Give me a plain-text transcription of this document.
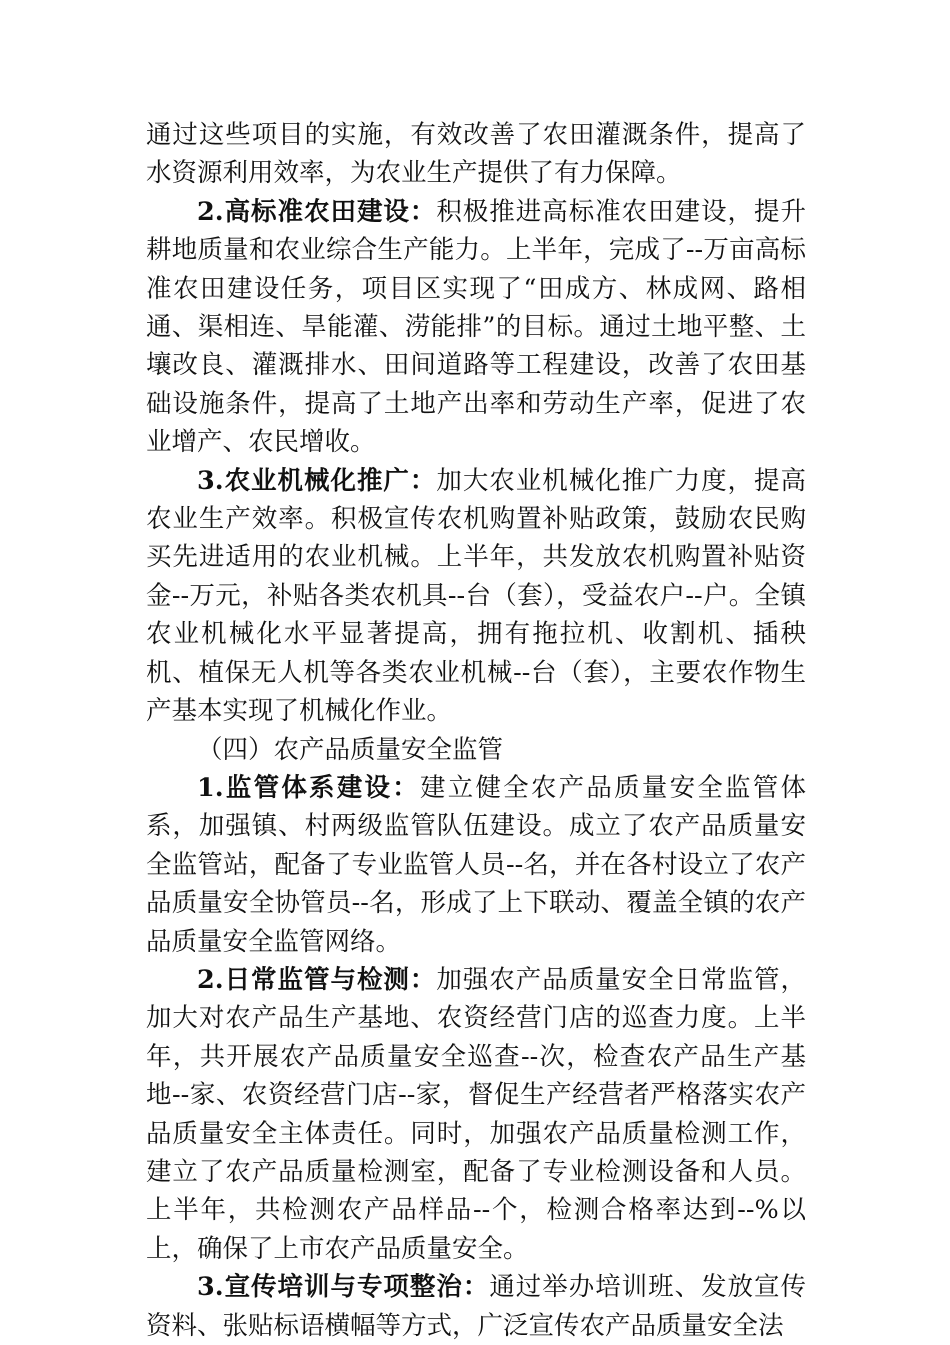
通过这些项目的实施，有效改善了农田灌溉条件，提高了水资源利用效率，为农业生产提供了有力保障。

2.高标准农田建设：积极推进高标准农田建设，提升耕地质量和农业综合生产能力。上半年，完成了--万亩高标准农田建设任务，项目区实现了“田成方、林成网、路相通、渠相连、旱能灌、涝能排”的目标。通过土地平整、土壤改良、灌溉排水、田间道路等工程建设，改善了农田基础设施条件，提高了土地产出率和劳动生产率，促进了农业增产、农民增收。

3.农业机械化推广：加大农业机械化推广力度，提高农业生产效率。积极宣传农机购置补贴政策，鼓励农民购买先进适用的农业机械。上半年，共发放农机购置补贴资金--万元，补贴各类农机具--台（套），受益农户--户。全镇农业机械化水平显著提高，拥有拖拉机、收割机、插秧机、植保无人机等各类农业机械--台（套），主要农作物生产基本实现了机械化作业。

（四）农产品质量安全监管

1.监管体系建设：建立健全农产品质量安全监管体系，加强镇、村两级监管队伍建设。成立了农产品质量安全监管站，配备了专业监管人员--名，并在各村设立了农产品质量安全协管员--名，形成了上下联动、覆盖全镇的农产品质量安全监管网络。

2.日常监管与检测：加强农产品质量安全日常监管，加大对农产品生产基地、农资经营门店的巡查力度。上半年，共开展农产品质量安全巡查--次，检查农产品生产基地--家、农资经营门店--家，督促生产经营者严格落实农产品质量安全主体责任。同时，加强农产品质量检测工作，建立了农产品质量检测室，配备了专业检测设备和人员。上半年，共检测农产品样品--个，检测合格率达到--%以上，确保了上市农产品质量安全。

3.宣传培训与专项整治：通过举办培训班、发放宣传资料、张贴标语横幅等方式，广泛宣传农产品质量安全法
